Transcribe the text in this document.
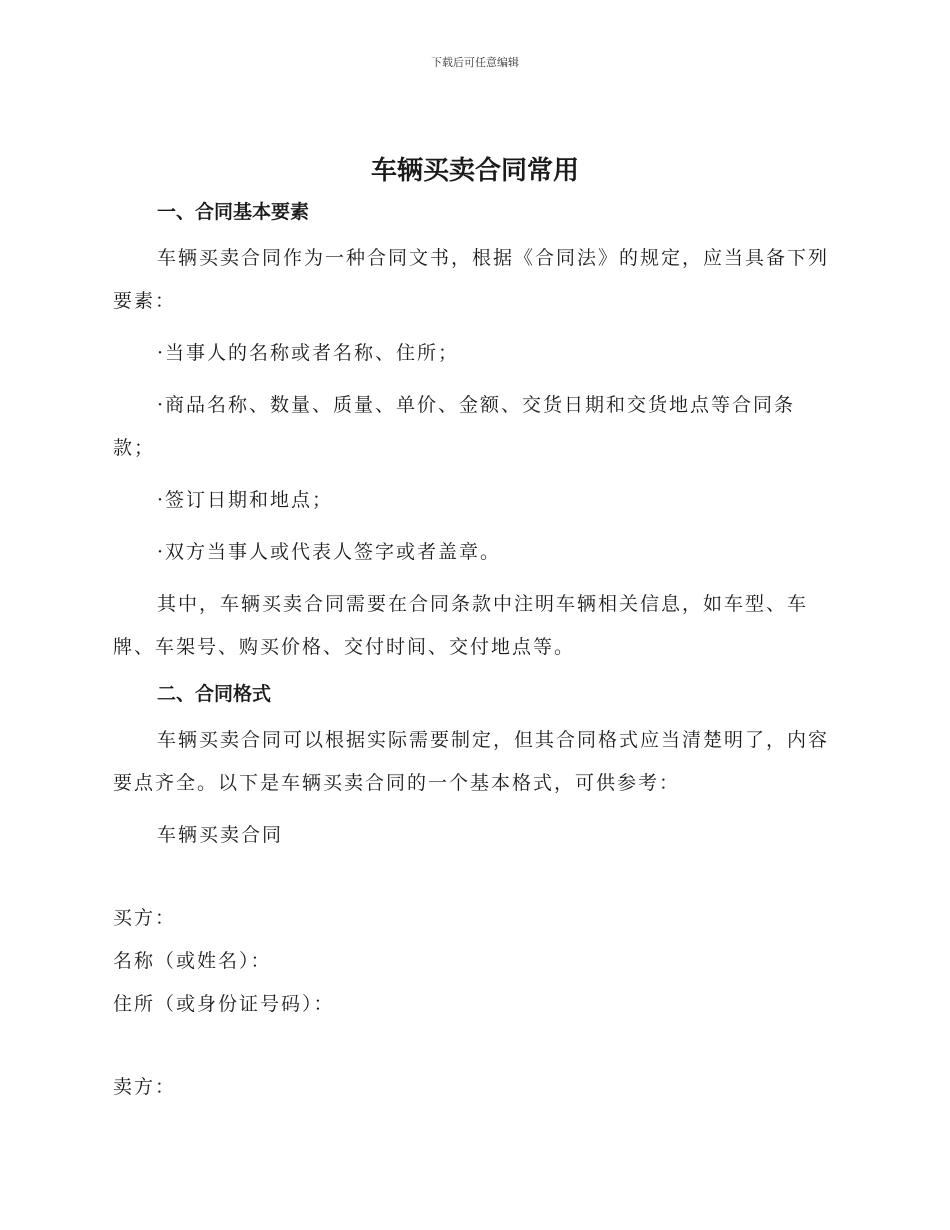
下载后可任意编辑
车辆买卖合同常用
一、合同基本要素

车辆买卖合同作为一种合同文书，根据《合同法》的规定，应当具备下列要素：

·当事人的名称或者名称、住所；

·商品名称、数量、质量、单价、金额、交货日期和交货地点等合同条款；

·签订日期和地点；

·双方当事人或代表人签字或者盖章。

其中，车辆买卖合同需要在合同条款中注明车辆相关信息，如车型、车牌、车架号、购买价格、交付时间、交付地点等。

二、合同格式

车辆买卖合同可以根据实际需要制定，但其合同格式应当清楚明了，内容要点齐全。以下是车辆买卖合同的一个基本格式，可供参考：

车辆买卖合同

买方：

名称（或姓名）：

住所（或身份证号码）：

卖方：
